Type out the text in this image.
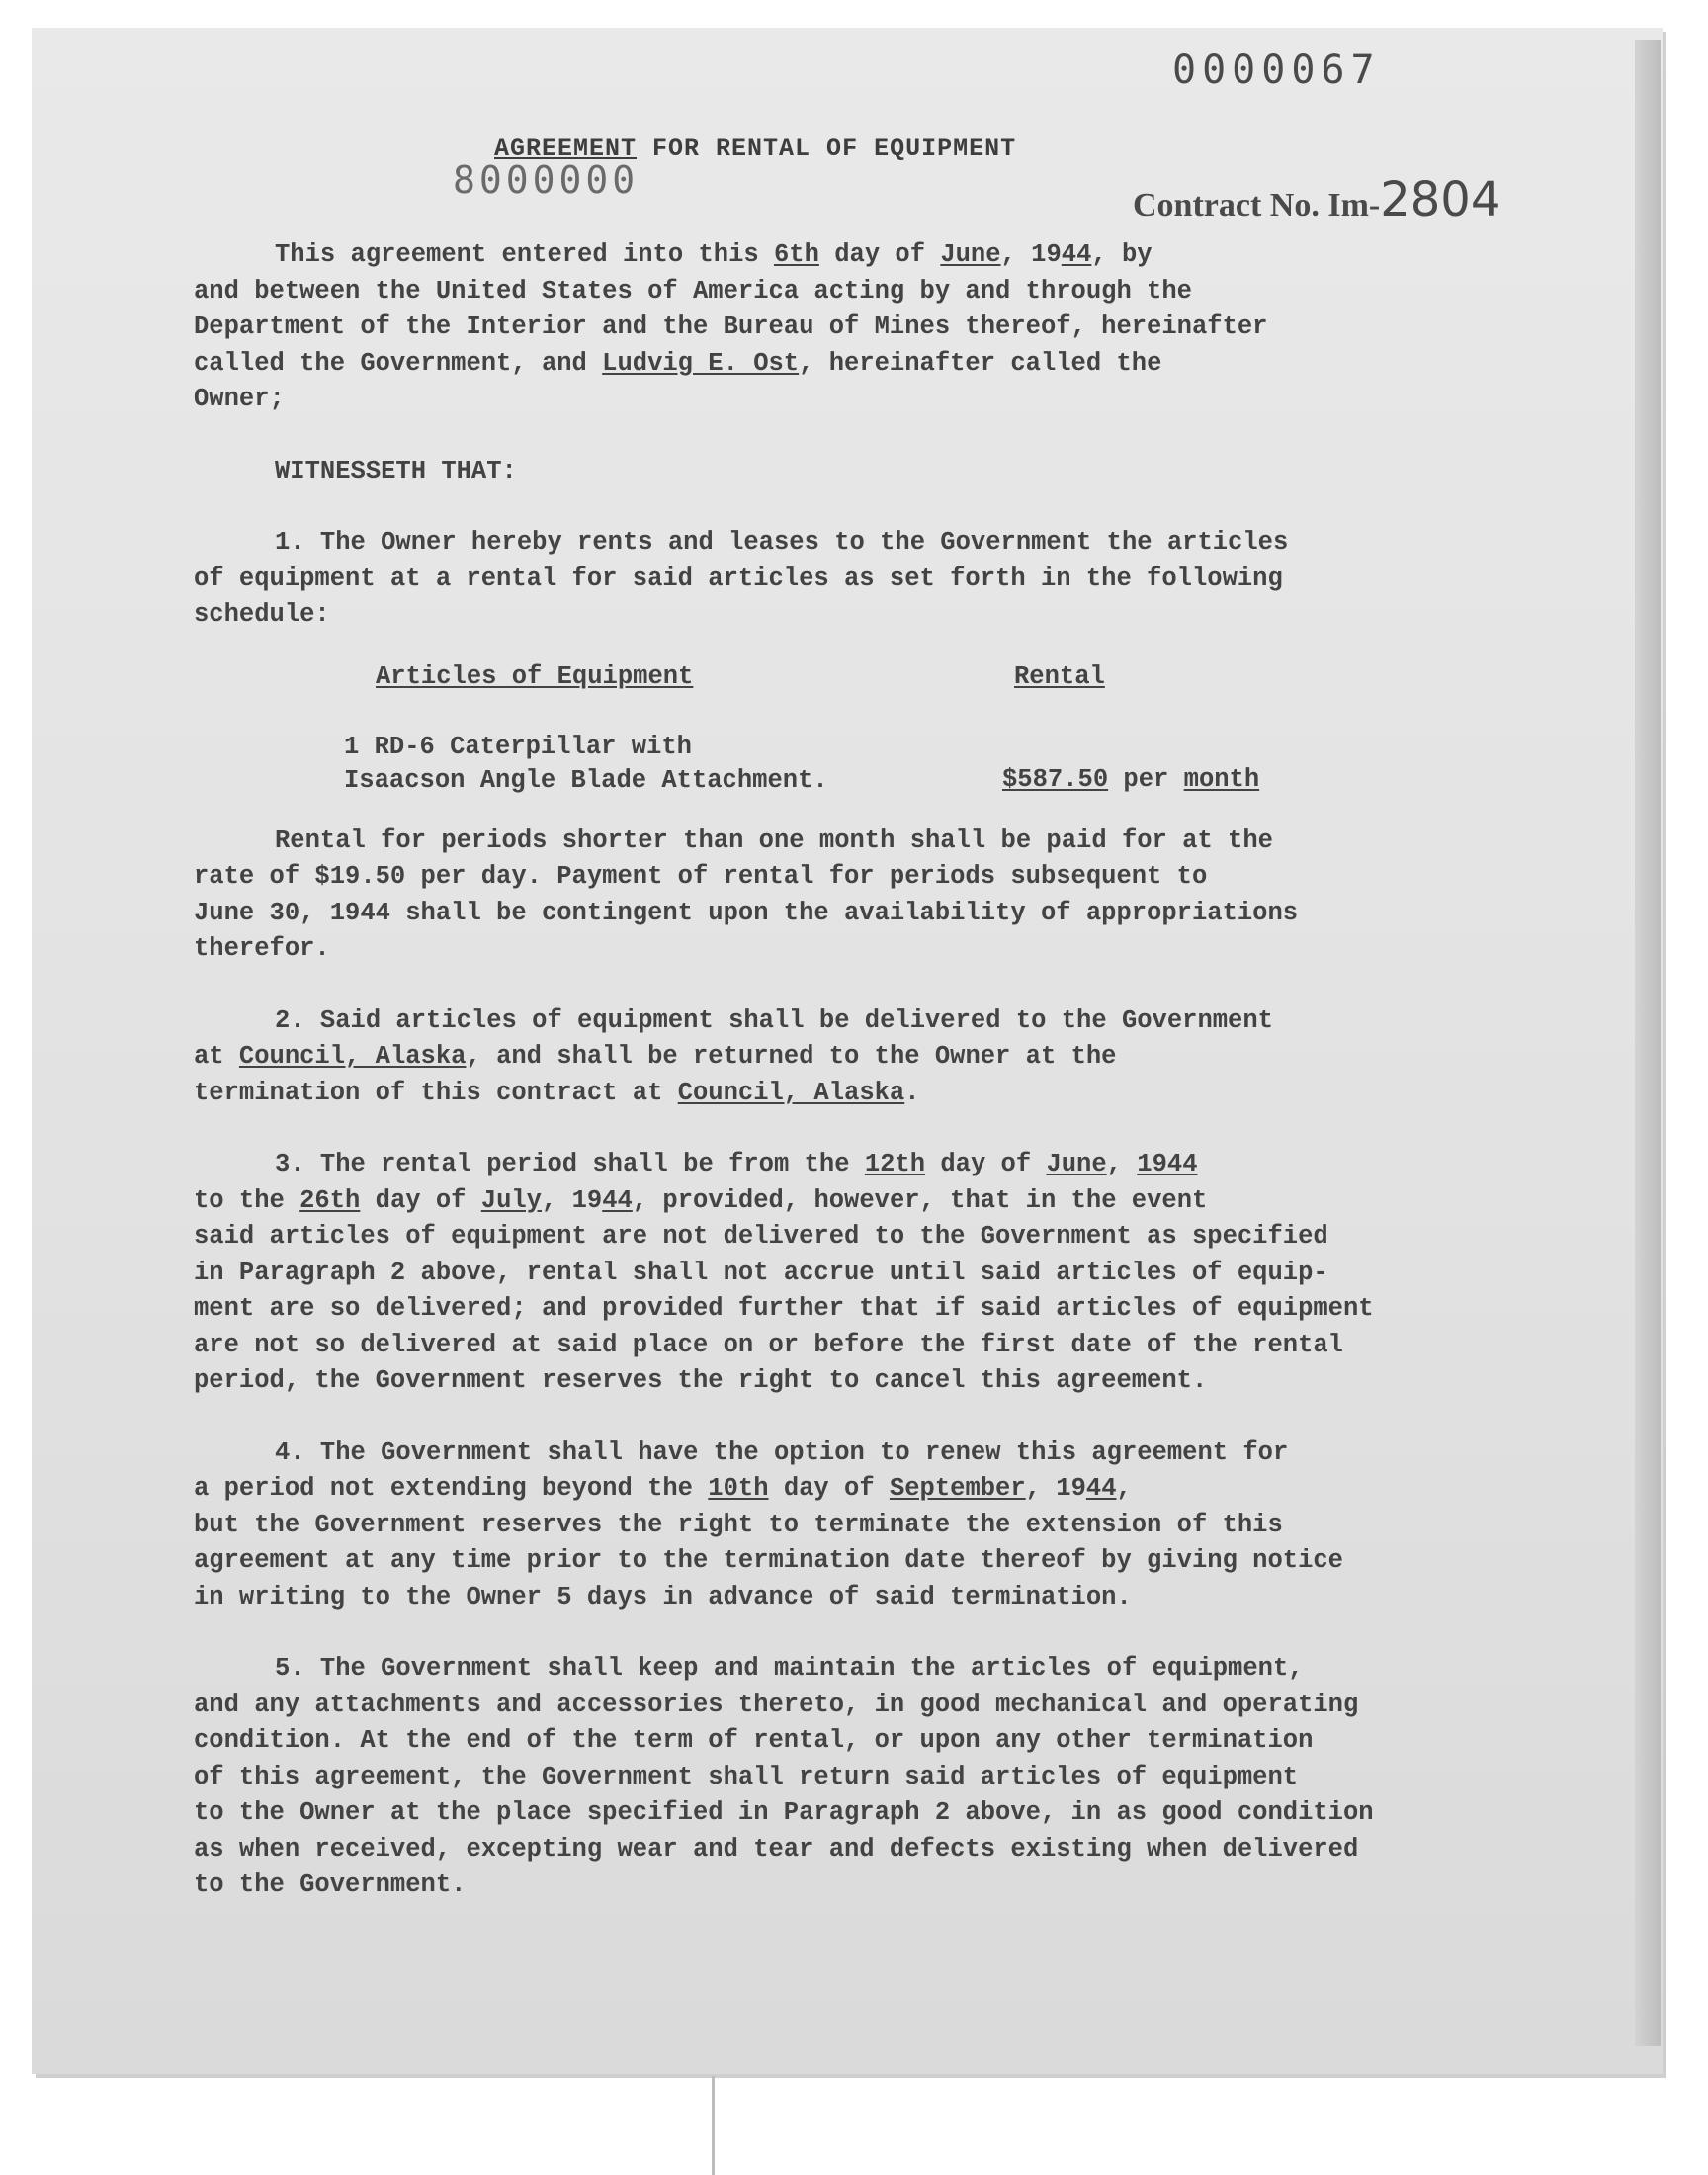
0000067
8000000
AGREEMENT FOR RENTAL OF EQUIPMENT
Contract No. Im-2804
This agreement entered into this 6th day of June, 1944, by
and between the United States of America acting by and through the
Department of the Interior and the Bureau of Mines thereof, hereinafter
called the Government, and Ludvig E. Ost, hereinafter called the
Owner;
WITNESSETH THAT:
1. The Owner hereby rents and leases to the Government the articles
of equipment at a rental for said articles as set forth in the following
schedule:
Articles of Equipment	Rental
1 RD-6 Caterpillar with
Isaacson Angle Blade Attachment.	$587.50 per month
Rental for periods shorter than one month shall be paid for at the
rate of $19.50 per day. Payment of rental for periods subsequent to
June 30, 1944 shall be contingent upon the availability of appropriations
therefor.
2. Said articles of equipment shall be delivered to the Government
at Council, Alaska, and shall be returned to the Owner at the
termination of this contract at Council, Alaska.
3. The rental period shall be from the 12th day of June, 1944
to the 26th day of July, 1944, provided, however, that in the event
said articles of equipment are not delivered to the Government as specified
in Paragraph 2 above, rental shall not accrue until said articles of equip-
ment are so delivered; and provided further that if said articles of equipment
are not so delivered at said place on or before the first date of the rental
period, the Government reserves the right to cancel this agreement.
4. The Government shall have the option to renew this agreement for
a period not extending beyond the 10th day of September, 1944,
but the Government reserves the right to terminate the extension of this
agreement at any time prior to the termination date thereof by giving notice
in writing to the Owner 5 days in advance of said termination.
5. The Government shall keep and maintain the articles of equipment,
and any attachments and accessories thereto, in good mechanical and operating
condition. At the end of the term of rental, or upon any other termination
of this agreement, the Government shall return said articles of equipment
to the Owner at the place specified in Paragraph 2 above, in as good condition
as when received, excepting wear and tear and defects existing when delivered
to the Government.
